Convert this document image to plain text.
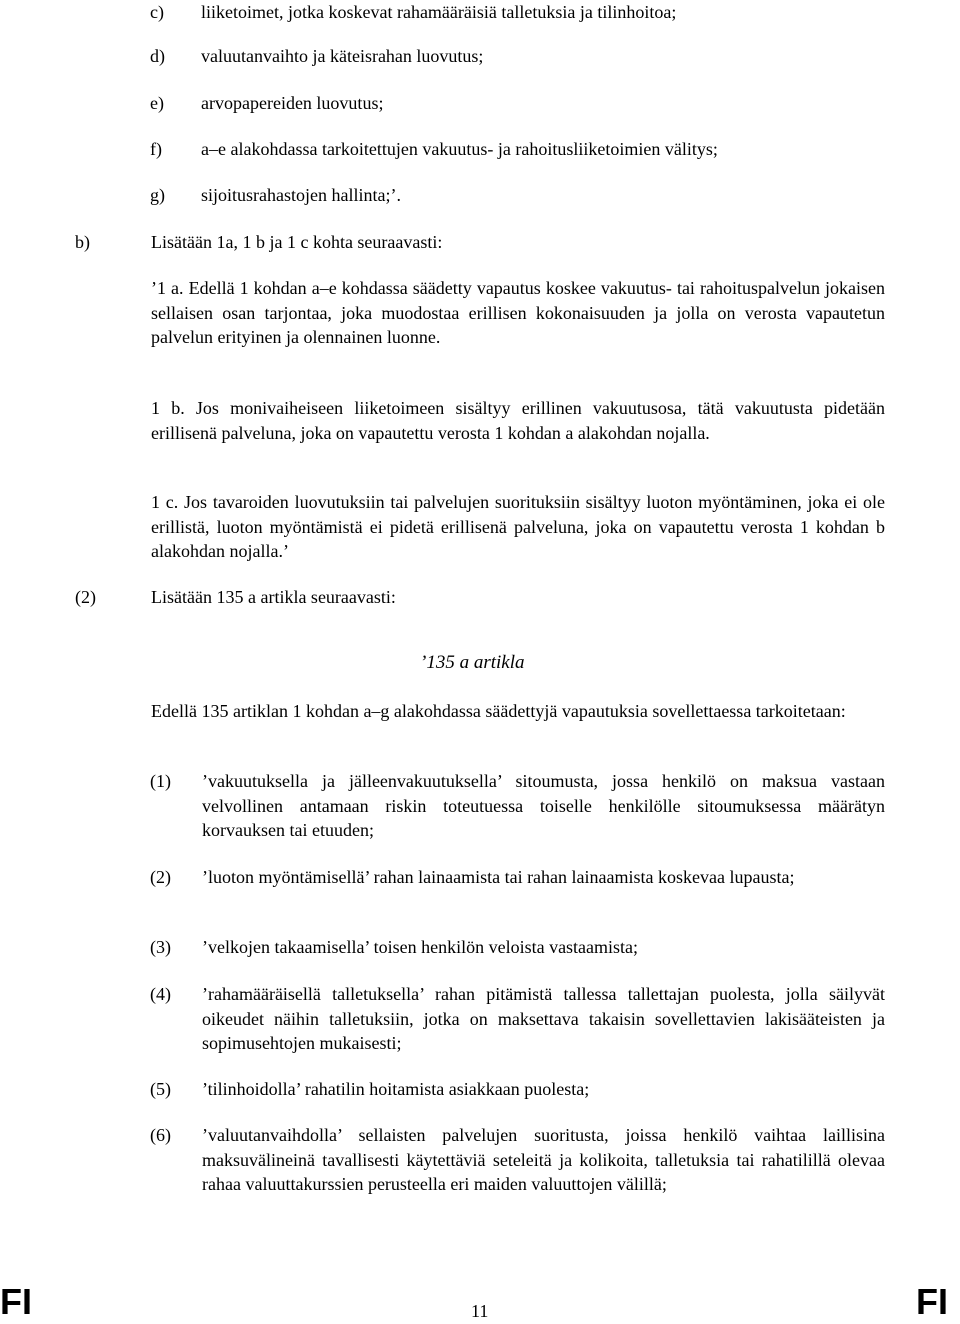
c) liiketoimet, jotka koskevat rahamääräisiä talletuksia ja tilinhoitoa;
d) valuutanvaihto ja käteisrahan luovutus;
e) arvopapereiden luovutus;
f) a–e alakohdassa tarkoitettujen vakuutus- ja rahoitusliiketoimien välitys;
g) sijoitusrahastojen hallinta;’.
b)	Lisätään 1a, 1 b ja 1 c kohta seuraavasti:
’1 a. Edellä 1 kohdan a–e kohdassa säädetty vapautus koskee vakuutus- tai rahoituspalvelun jokaisen sellaisen osan tarjontaa, joka muodostaa erillisen kokonaisuuden ja jolla on verosta vapautetun palvelun erityinen ja olennainen luonne.
1 b. Jos monivaiheiseen liiketoimeen sisältyy erillinen vakuutusosa, tätä vakuutusta pidetään erillisenä palveluna, joka on vapautettu verosta 1 kohdan a alakohdan nojalla.
1 c. Jos tavaroiden luovutuksiin tai palvelujen suorituksiin sisältyy luoton myöntäminen, joka ei ole erillistä, luoton myöntämistä ei pidetä erillisenä palveluna, joka on vapautettu verosta 1 kohdan b alakohdan nojalla.’
(2)	Lisätään 135 a artikla seuraavasti:
’135 a artikla
Edellä 135 artiklan 1 kohdan a–g alakohdassa säädettyjä vapautuksia sovellettaessa tarkoitetaan:
(1) ’vakuutuksella ja jälleenvakuutuksella’ sitoumusta, jossa henkilö on maksua vastaan velvollinen antamaan riskin toteutuessa toiselle henkilölle sitoumuksessa määrätyn korvauksen tai etuuden;
(2) ’luoton myöntämisellä’ rahan lainaamista tai rahan lainaamista koskevaa lupausta;
(3) ’velkojen takaamisella’ toisen henkilön veloista vastaamista;
(4) ’rahamääräisellä talletuksella’ rahan pitämistä tallessa tallettajan puolesta, jolla säilyvät oikeudet näihin talletuksiin, jotka on maksettava takaisin sovellettavien lakisääteisten ja sopimusehtojen mukaisesti;
(5) ’tilinhoidolla’ rahatilin hoitamista asiakkaan puolesta;
(6) ’valuutanvaihdolla’ sellaisten palvelujen suoritusta, joissa henkilö vaihtaa laillisina maksuvälineinä tavallisesti käytettäviä seteleitä ja kolikoita, talletuksia tai rahatilillä olevaa rahaa valuuttakurssien perusteella eri maiden valuuttojen välillä;
FI	11	FI
